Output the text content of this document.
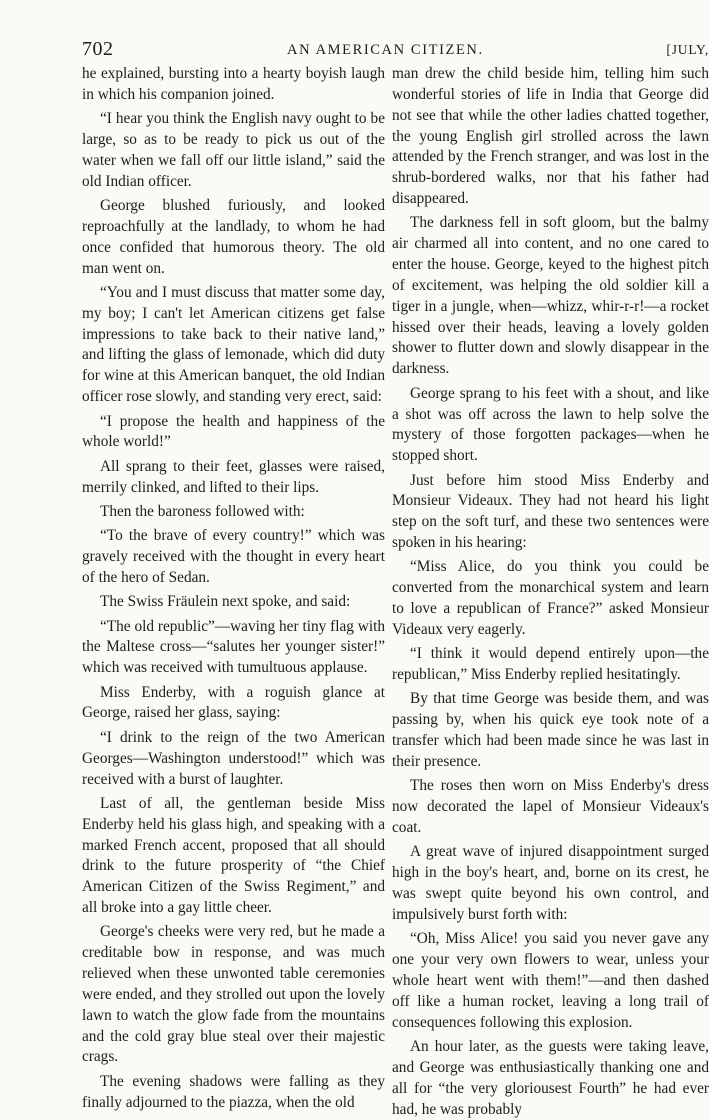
702	AN AMERICAN CITIZEN.	[JULY,

he explained, bursting into a hearty boyish laugh in which his companion joined.

“I hear you think the English navy ought to be large, so as to be ready to pick us out of the water when we fall off our little island,” said the old Indian officer.

George blushed furiously, and looked reproachfully at the landlady, to whom he had once confided that humorous theory. The old man went on.

“You and I must discuss that matter some day, my boy; I can't let American citizens get false impressions to take back to their native land,” and lifting the glass of lemonade, which did duty for wine at this American banquet, the old Indian officer rose slowly, and standing very erect, said:

“I propose the health and happiness of the whole world!”

All sprang to their feet, glasses were raised, merrily clinked, and lifted to their lips.

Then the baroness followed with:

“To the brave of every country!” which was gravely received with the thought in every heart of the hero of Sedan.

The Swiss Fräulein next spoke, and said:

“The old republic”—waving her tiny flag with the Maltese cross—“salutes her younger sister!” which was received with tumultuous applause.

Miss Enderby, with a roguish glance at George, raised her glass, saying:

“I drink to the reign of the two American Georges—Washington understood!” which was received with a burst of laughter.

Last of all, the gentleman beside Miss Enderby held his glass high, and speaking with a marked French accent, proposed that all should drink to the future prosperity of “the Chief American Citizen of the Swiss Regiment,” and all broke into a gay little cheer.

George's cheeks were very red, but he made a creditable bow in response, and was much relieved when these unwonted table ceremonies were ended, and they strolled out upon the lovely lawn to watch the glow fade from the mountains and the cold gray blue steal over their majestic crags.

The evening shadows were falling as they finally adjourned to the piazza, when the old

man drew the child beside him, telling him such wonderful stories of life in India that George did not see that while the other ladies chatted together, the young English girl strolled across the lawn attended by the French stranger, and was lost in the shrub-bordered walks, nor that his father had disappeared.

The darkness fell in soft gloom, but the balmy air charmed all into content, and no one cared to enter the house. George, keyed to the highest pitch of excitement, was helping the old soldier kill a tiger in a jungle, when—whizz, whir-r-r!—a rocket hissed over their heads, leaving a lovely golden shower to flutter down and slowly disappear in the darkness.

George sprang to his feet with a shout, and like a shot was off across the lawn to help solve the mystery of those forgotten packages—when he stopped short.

Just before him stood Miss Enderby and Monsieur Videaux. They had not heard his light step on the soft turf, and these two sentences were spoken in his hearing:

“Miss Alice, do you think you could be converted from the monarchical system and learn to love a republican of France?” asked Monsieur Videaux very eagerly.

“I think it would depend entirely upon—the republican,” Miss Enderby replied hesitatingly.

By that time George was beside them, and was passing by, when his quick eye took note of a transfer which had been made since he was last in their presence.

The roses then worn on Miss Enderby's dress now decorated the lapel of Monsieur Videaux's coat.

A great wave of injured disappointment surged high in the boy's heart, and, borne on its crest, he was swept quite beyond his own control, and impulsively burst forth with:

“Oh, Miss Alice! you said you never gave any one your very own flowers to wear, unless your whole heart went with them!”—and then dashed off like a human rocket, leaving a long trail of consequences following this explosion.

An hour later, as the guests were taking leave, and George was enthusiastically thanking one and all for “the very gloriousest Fourth” he had ever had, he was probably
